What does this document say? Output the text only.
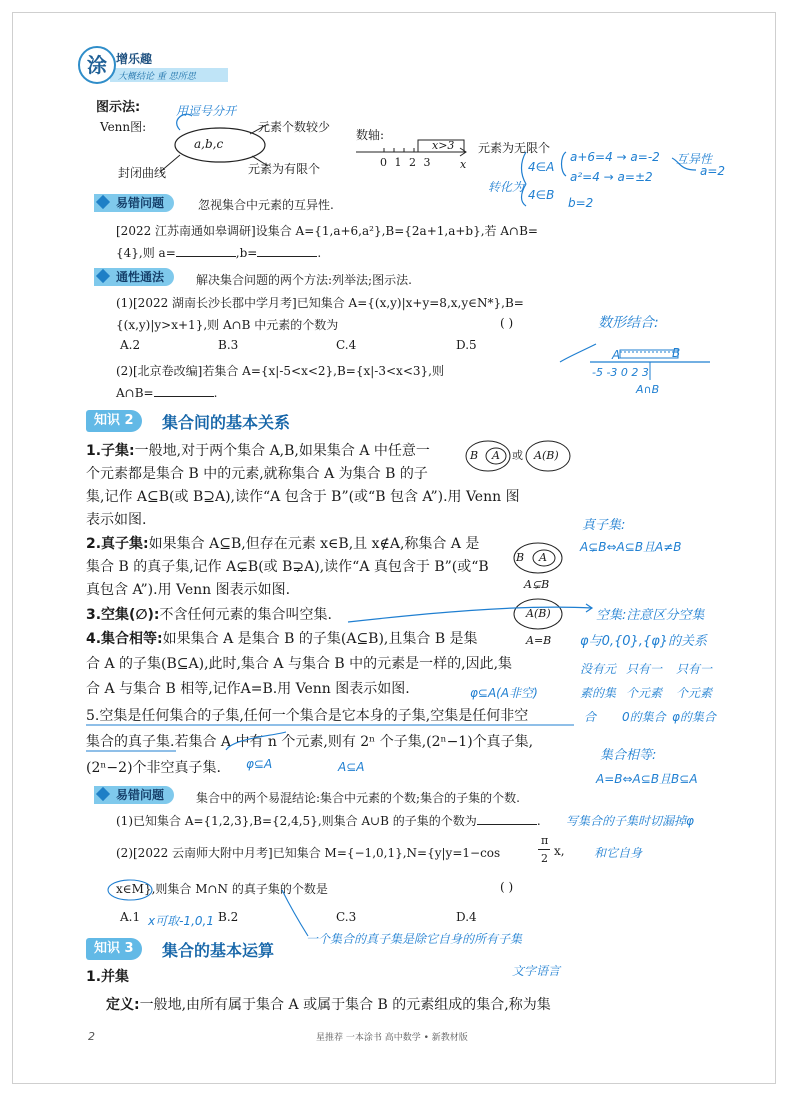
涂 增乐趣
大概结论 重 思所思
图示法:
Venn图:
a,b,c
元素个数较少
元素为有限个
封闭曲线
用逗号分开
数轴:
0 1 2 3
x>3
x
元素为无限个
转化为
4∈A
a+6=4 → a=-2
a²=4 → a=±2
互异性
a=2
4∈B
b=2
易错问题	忽视集合中元素的互异性.
[2022 江苏南通如皋调研]设集合 A={1,a+6,a²},B={2a+1,a+b},若 A∩B=
{4},则 a=	,b=	.
通性通法	解决集合问题的两个方法:列举法;图示法.
(1)[2022 湖南长沙长郡中学月考]已知集合 A={(x,y)|x+y=8,x,y∈N*},B=
{(x,y)|y>x+1},则 A∩B 中元素的个数为	( )
A.2	B.3	C.4	D.5
(2)[北京卷改编]若集合 A={x|-5<x<2},B={x|-3<x<3},则
A∩B=	.
数形结合:
A	B
-5 -3 0 2 3
A∩B
知识 2	集合间的基本关系
1.子集:一般地,对于两个集合 A,B,如果集合 A 中任意一
个元素都是集合 B 中的元素,就称集合 A 为集合 B 的子
集,记作 A⊆B(或 B⊇A),读作“A 包含于 B”(或“B 包含 A”).用 Venn 图
表示如图.
B A 或 A(B)
真子集:
A⊊B⇔A⊆B且A≠B
2.真子集:如果集合 A⊆B,但存在元素 x∈B,且 x∉A,称集合 A 是
集合 B 的真子集,记作 A⊊B(或 B⊋A),读作“A 真包含于 B”(或“B
真包含 A”).用 Venn 图表示如图.
B A
A⊊B
3.空集(∅):不含任何元素的集合叫空集.	A(B)
A=B
空集:注意区分空集
φ与0,{0},{φ}的关系
没有元
素的集
合
只有一
个元素
0的集合
只有一
个元素
φ的集合
4.集合相等:如果集合 A 是集合 B 的子集(A⊆B),且集合 B 是集
合 A 的子集(B⊆A),此时,集合 A 与集合 B 中的元素是一样的,因此,集
合 A 与集合 B 相等,记作A=B.用 Venn 图表示如图.	φ⊆A(A非空)
5.空集是任何集合的子集,任何一个集合是它本身的子集,空集是任何非空
集合的真子集.若集合 A 中有 n 个元素,则有 2ⁿ 个子集,(2ⁿ−1)个真子集,
(2ⁿ−2)个非空真子集. φ⊆A	A⊆A
集合相等:
A=B⇔A⊆B且B⊆A
易错问题	集合中的两个易混结论:集合中元素的个数;集合的子集的个数.
(1)已知集合 A={1,2,3},B={2,4,5},则集合 A∪B 的子集的个数为	. 写集合的子集时切漏掉φ
(2)[2022 云南师大附中月考]已知集合 M={−1,0,1},N={y|y=1−cos
π
2
x, 和它自身
x∈M},则集合 M∩N 的真子集的个数是	( )
A.1	B.2	C.3	D.4
x可取-1,0,1
一个集合的真子集是除它自身的所有子集
知识 3	集合的基本运算
1.并集	文字语言
定义:一般地,由所有属于集合 A 或属于集合 B 的元素组成的集合,称为集
2	星推荐 一本涂书 高中数学 • 新教材版
